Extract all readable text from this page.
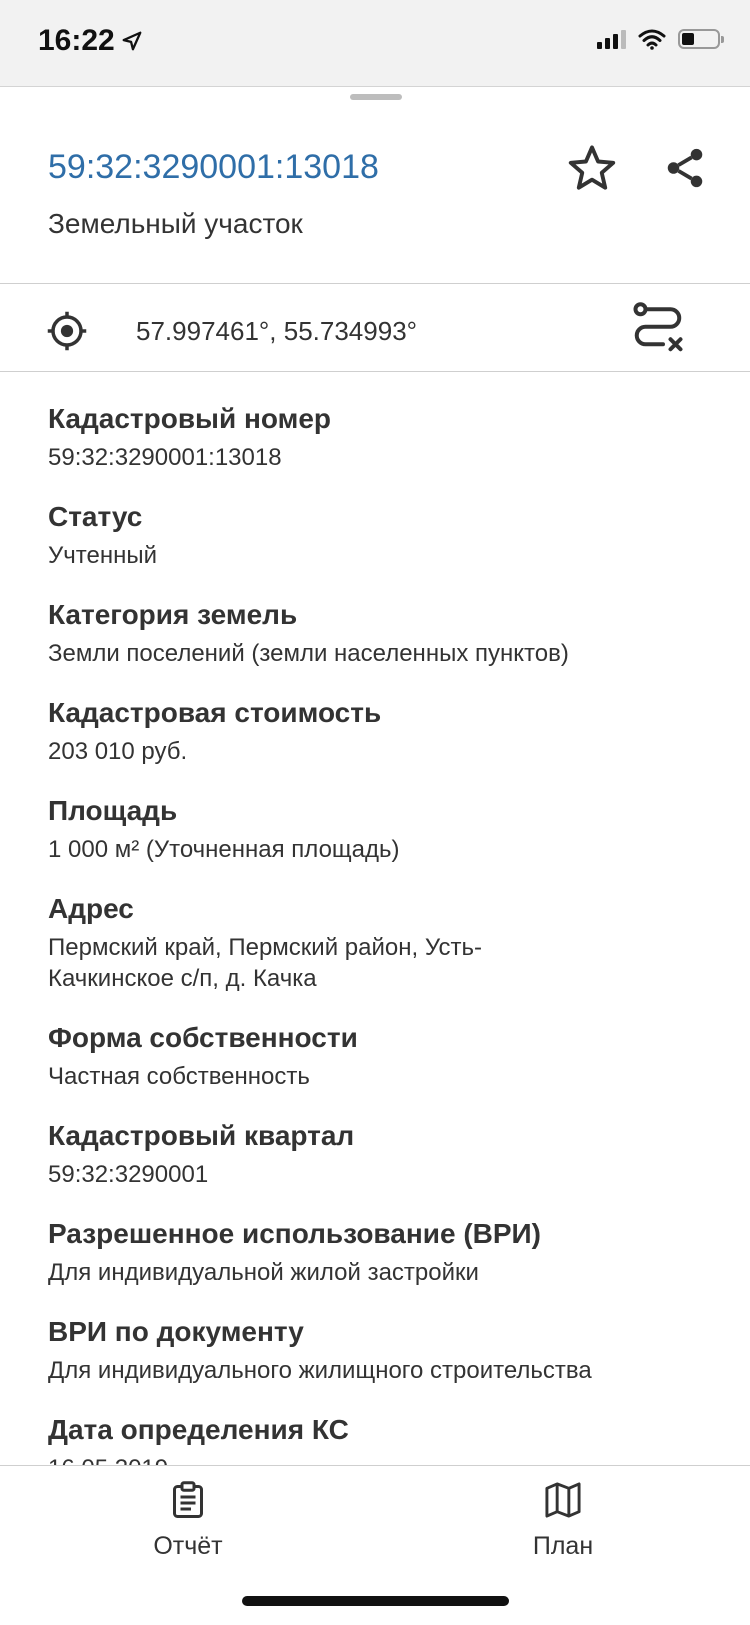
16:22
59:32:3290001:13018
Земельный участок
57.997461°, 55.734993°
Кадастровый номер
59:32:3290001:13018
Статус
Учтенный
Категория земель
Земли поселений (земли населенных пунктов)
Кадастровая стоимость
203 010 руб.
Площадь
1 000 м² (Уточненная площадь)
Адрес
Пермский край, Пермский район, Усть-Качкинское с/п, д. Качка
Форма собственности
Частная собственность
Кадастровый квартал
59:32:3290001
Разрешенное использование (ВРИ)
Для индивидуальной жилой застройки
ВРИ по документу
Для индивидуального жилищного строительства
Дата определения КС
Отчёт	План
